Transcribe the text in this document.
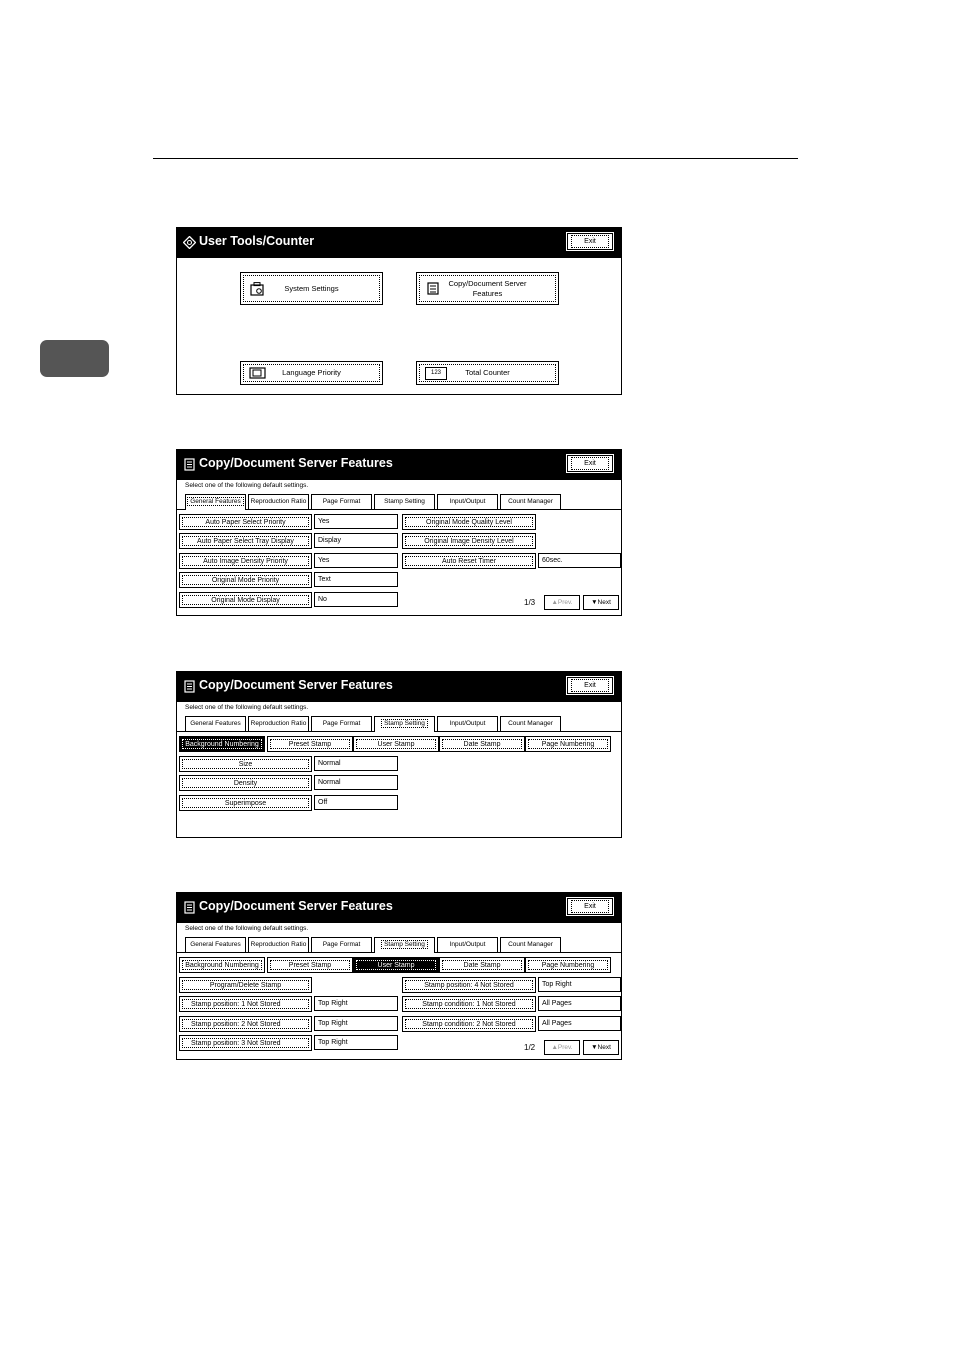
User Tools/Counter	Exit
System Settings
Copy/Document Server
Features
Language Priority	123	Total Counter
Copy/Document Server Features	Exit
Select one of the following default settings.
General Features	Reproduction Ratio	Page Format	Stamp Setting	Input/Output	Count Manager
Auto Paper Select Priority	Yes
Auto Paper Select Tray Display	Display
Auto Image Density Priority	Yes
Original Mode Priority	Text
Original Mode Display	No
Original Mode Quality Level
Original Image Density Level
Auto Reset Timer	60sec.
1/3	▲Prev.	▼Next
Copy/Document Server Features	Exit
Select one of the following default settings.
General Features	Reproduction Ratio	Page Format	Stamp Setting	Input/Output	Count Manager
Background Numbering	Preset Stamp	User Stamp	Date Stamp	Page Numbering
Size	Normal
Density	Normal
Superimpose	Off
Copy/Document Server Features	Exit
Select one of the following default settings.
General Features	Reproduction Ratio	Page Format	Stamp Setting	Input/Output	Count Manager
Background Numbering	Preset Stamp	User Stamp	Date Stamp	Page Numbering
Program/Delete Stamp
Stamp position: 1 Not Stored	Top Right
Stamp position: 2 Not Stored	Top Right
Stamp position: 3 Not Stored	Top Right
Stamp position: 4 Not Stored	Top Right
Stamp condition: 1 Not Stored	All Pages
Stamp condition: 2 Not Stored	All Pages
1/2	▲Prev.	▼Next
